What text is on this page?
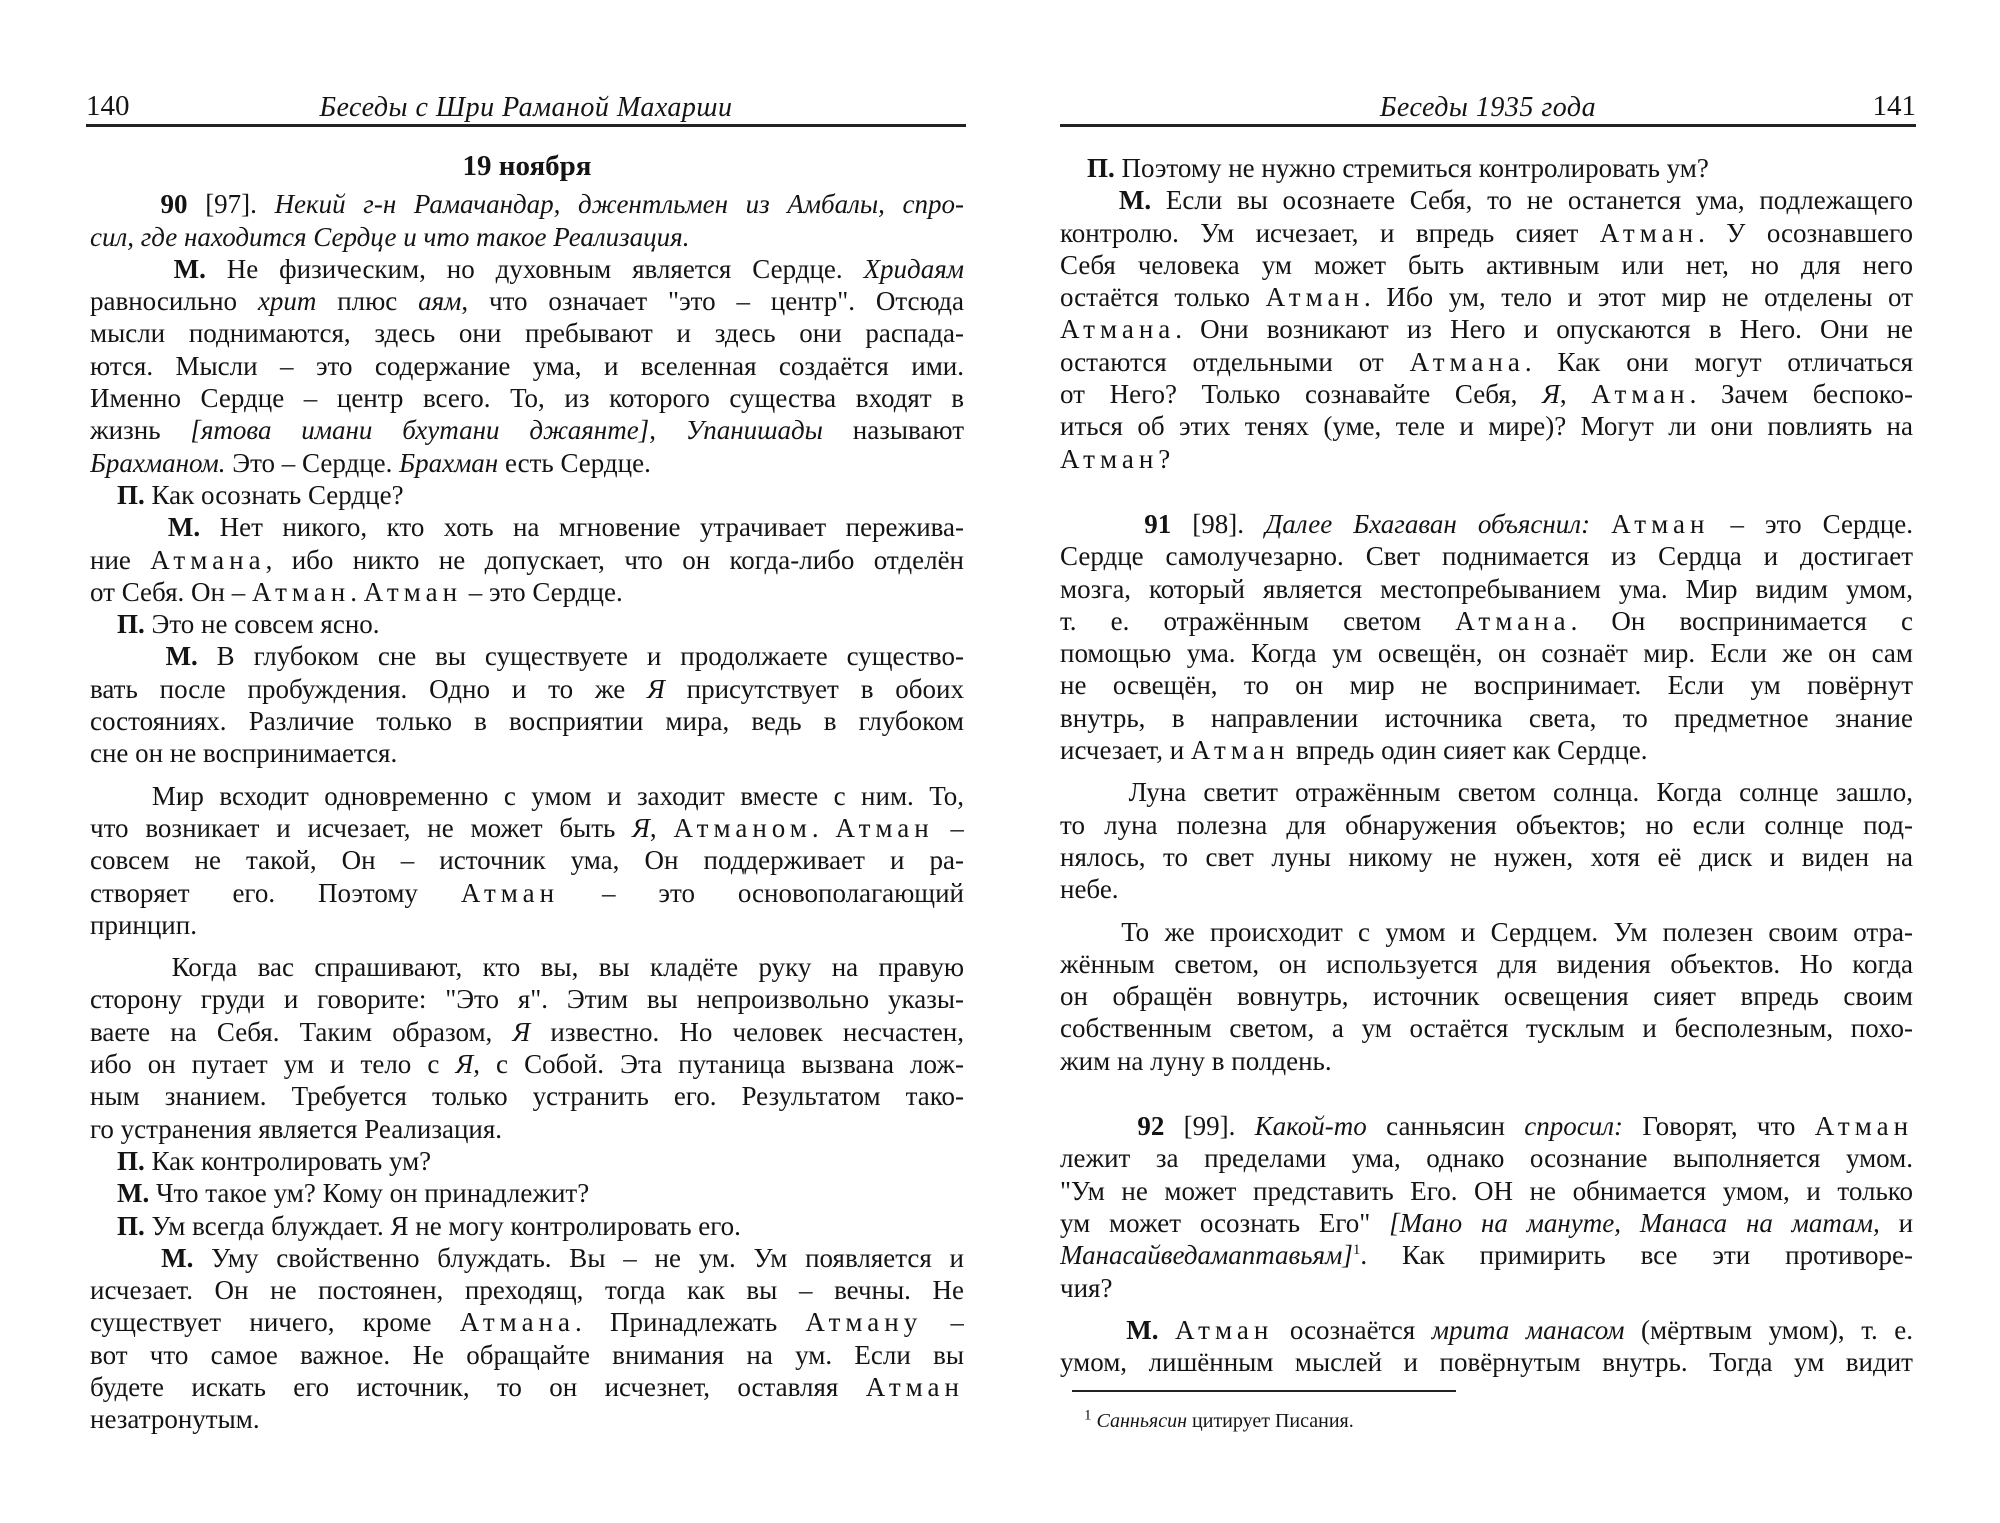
140	Беседы с Шри Раманой Махарши
19 ноября
90 [97]. Некий г-н Рамачандар, джентльмен из Амбалы, спро-
сил, где находится Сердце и что такое Реализация.
М. Не физическим, но духовным является Сердце. Хридаям
равносильно хрит плюс аям, что означает "это – центр". Отсюда
мысли поднимаются, здесь они пребывают и здесь они распада-
ются. Мысли – это содержание ума, и вселенная создаётся ими.
Именно Сердце – центр всего. То, из которого существа входят в
жизнь [ятова имани бхутани джаянте], Упанишады называют
Брахманом. Это – Сердце. Брахман есть Сердце.
П. Как осознать Сердце?
М. Нет никого, кто хоть на мгновение утрачивает пережива-
ние Атмана, ибо никто не допускает, что он когда-либо отделён
от Себя. Он – Атман. Атман – это Сердце.
П. Это не совсем ясно.
М. В глубоком сне вы существуете и продолжаете существо-
вать после пробуждения. Одно и то же Я присутствует в обоих
состояниях. Различие только в восприятии мира, ведь в глубоком
сне он не воспринимается.
Мир всходит одновременно с умом и заходит вместе с ним. То,
что возникает и исчезает, не может быть Я, Атманом. Атман –
совсем не такой, Он – источник ума, Он поддерживает и ра-
створяет его. Поэтому Атман – это основополагающий
принцип.
Когда вас спрашивают, кто вы, вы кладёте руку на правую
сторону груди и говорите: "Это я". Этим вы непроизвольно указы-
ваете на Себя. Таким образом, Я известно. Но человек несчастен,
ибо он путает ум и тело с Я, с Собой. Эта путаница вызвана лож-
ным знанием. Требуется только устранить его. Результатом тако-
го устранения является Реализация.
П. Как контролировать ум?
М. Что такое ум? Кому он принадлежит?
П. Ум всегда блуждает. Я не могу контролировать его.
М. Уму свойственно блуждать. Вы – не ум. Ум появляется и
исчезает. Он не постоянен, преходящ, тогда как вы – вечны. Не
существует ничего, кроме Атмана. Принадлежать Атману –
вот что самое важное. Не обращайте внимания на ум. Если вы
будете искать его источник, то он исчезнет, оставляя Атман
незатронутым.
Беседы 1935 года	141
П. Поэтому не нужно стремиться контролировать ум?
М. Если вы осознаете Себя, то не останется ума, подлежащего
контролю. Ум исчезает, и впредь сияет Атман. У осознавшего
Себя человека ум может быть активным или нет, но для него
остаётся только Атман. Ибо ум, тело и этот мир не отделены от
Атмана. Они возникают из Него и опускаются в Него. Они не
остаются отдельными от Атмана. Как они могут отличаться
от Него? Только сознавайте Себя, Я, Атман. Зачем беспоко-
иться об этих тенях (уме, теле и мире)? Могут ли они повлиять на
Атман?
91 [98]. Далее Бхагаван объяснил: Атман – это Сердце.
Сердце самолучезарно. Свет поднимается из Сердца и достигает
мозга, который является местопребыванием ума. Мир видим умом,
т. е. отражённым светом Атмана. Он воспринимается с
помощью ума. Когда ум освещён, он сознаёт мир. Если же он сам
не освещён, то он мир не воспринимает. Если ум повёрнут
внутрь, в направлении источника света, то предметное знание
исчезает, и Атман впредь один сияет как Сердце.
Луна светит отражённым светом солнца. Когда солнце зашло,
то луна полезна для обнаружения объектов; но если солнце под-
нялось, то свет луны никому не нужен, хотя её диск и виден на
небе.
То же происходит с умом и Сердцем. Ум полезен своим отра-
жённым светом, он используется для видения объектов. Но когда
он обращён вовнутрь, источник освещения сияет впредь своим
собственным светом, а ум остаётся тусклым и бесполезным, похо-
жим на луну в полдень.
92 [99]. Какой-то санньясин спросил: Говорят, что Атман
лежит за пределами ума, однако осознание выполняется умом.
"Ум не может представить Его. ОН не обнимается умом, и только
ум может осознать Его" [Мано на мануте, Манаса на матам, и
Манасайведамаптавьям]$^1$. Как примирить все эти противоре-
чия?
М. Атман осознаётся мрита манасом (мёртвым умом), т. е.
умом, лишённым мыслей и повёрнутым внутрь. Тогда ум видит
$^1$ Санньясин цитирует Писания.
